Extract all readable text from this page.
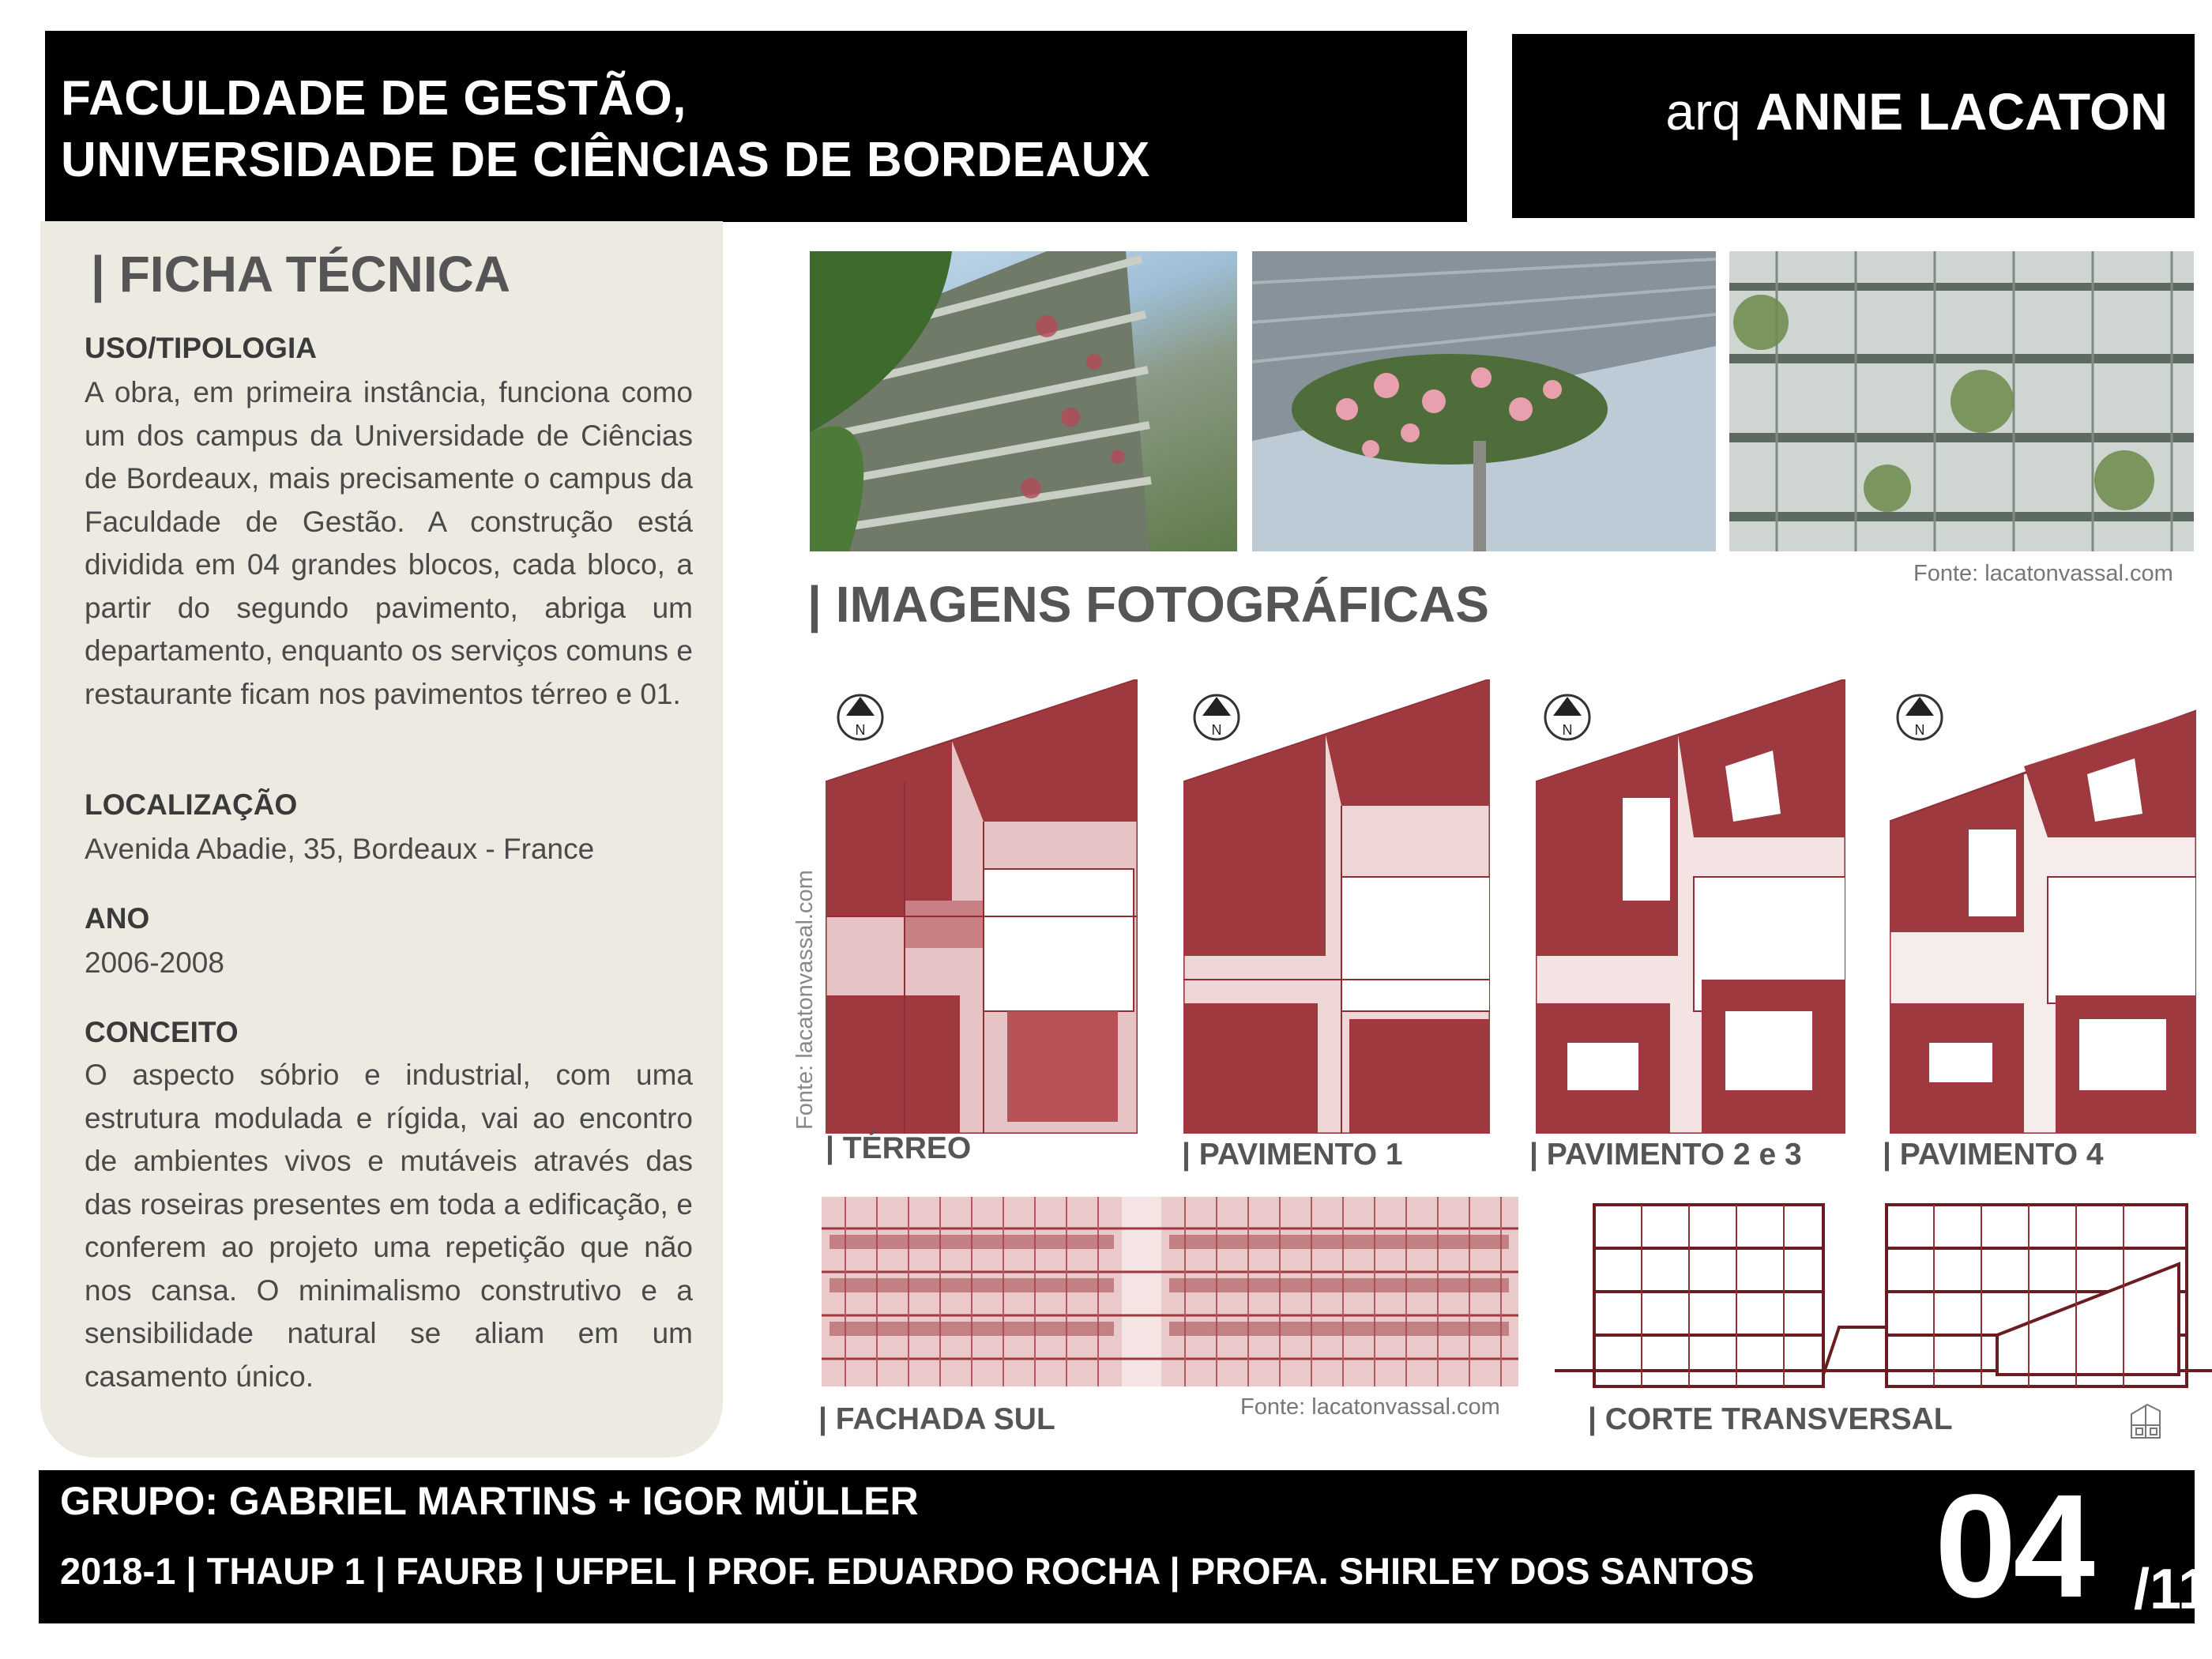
FACULDADE DE GESTÃO,
UNIVERSIDADE DE CIÊNCIAS DE BORDEAUX
arq ANNE LACATON
| FICHA TÉCNICA
USO/TIPOLOGIA
A obra, em primeira instância, funciona como um dos campus da Universidade de Ciências de Bordeaux, mais precisamente o campus da Faculdade de Gestão. A construção está dividida em 04 grandes blocos, cada bloco, a partir do segundo pavimento, abriga um departamento, enquanto os serviços comuns e restaurante ficam nos pavimentos térreo e 01.
LOCALIZAÇÃO
Avenida Abadie, 35, Bordeaux - France
ANO
2006-2008
CONCEITO
O aspecto sóbrio e industrial, com uma estrutura modulada e rígida, vai ao encontro de ambientes vivos e mutáveis através das das roseiras presentes em toda a edificação, e conferem ao projeto uma repetição que não nos cansa. O minimalismo construtivo e a sensibilidade natural se aliam em um casamento único.
Fonte: lacatonvassal.com
| IMAGENS FOTOGRÁFICAS
Fonte: lacatonvassal.com
N
| TÉRREO
N
| PAVIMENTO 1
N
| PAVIMENTO 2 e 3
N
| PAVIMENTO 4
| FACHADA SUL	Fonte: lacatonvassal.com	| CORTE TRANSVERSAL
GRUPO: GABRIEL MARTINS + IGOR MÜLLER
2018-1 | THAUP 1 | FAURB | UFPEL | PROF. EDUARDO ROCHA | PROFA. SHIRLEY DOS SANTOS 04 /11
